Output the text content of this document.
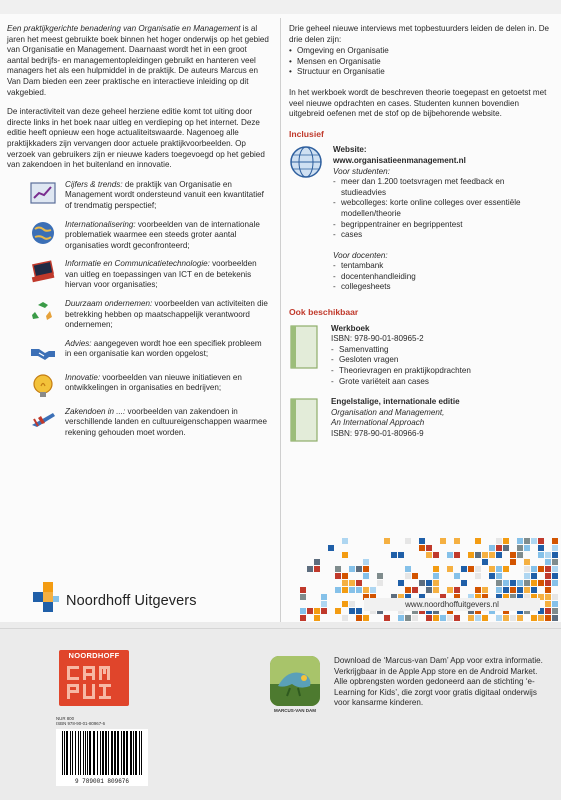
Een praktijkgerichte benadering van Organisatie en Management is al jaren het meest gebruikte boek binnen het hoger onderwijs op het gebied van Organisatie en Management. Daarnaast wordt het in een groot aantal bedrijfs- en managementopleidingen gebruikt en hanteren veel managers het als een hulpmiddel in de praktijk. De auteurs Marcus en Van Dam bieden een zeer praktische en interactieve inleiding op dit vakgebied.

De interactiviteit van deze geheel herziene editie komt tot uiting door directe links in het boek naar uitleg en verdieping op het internet. Deze editie heeft opnieuw een hoge actualiteitswaarde. Nagenoeg alle praktijkkaders zijn vervangen door actuele praktijkvoorbeelden. Op verzoek van gebruikers zijn er nieuwe kaders toegevoegd op het gebied van zakendoen in het buitenland en innovatie.

Cijfers & trends: de praktijk van Organisatie en Management wordt ondersteund vanuit een kwantitatief of trendmatig perspectief;
Internationalisering: voorbeelden van de internationale problematiek waarmee een steeds groter aantal organisaties wordt geconfronteerd;
Informatie en Communicatietechnologie: voorbeelden van uitleg en toepassingen van ICT en de betekenis hiervan voor organisaties;
Duurzaam ondernemen: voorbeelden van activiteiten die betrekking hebben op maatschappelijk verantwoord ondernemen;
Advies: aangegeven wordt hoe een specifiek probleem in een organisatie kan worden opgelost;
Innovatie: voorbeelden van nieuwe initiatieven en ontwikkelingen in organisaties en bedrijven;
Zakendoen in ...: voorbeelden van zakendoen in verschillende landen en cultuureigenschappen waarmee rekening gehouden moet worden.

Drie geheel nieuwe interviews met topbestuurders leiden de delen in. De drie delen zijn:

• Omgeving en Organisatie
• Mensen en Organisatie
• Structuur en Organisatie

In het werkboek wordt de beschreven theorie toegepast en getoetst met veel nieuwe opdrachten en cases. Studenten kunnen bovendien uitgebreid oefenen met de stof op de bijbehorende website.

Inclusief
Website:
www.organisatieenmanagement.nl
Voor studenten:
- meer dan 1.200 toetsvragen met feedback en studieadvies
- webcolleges: korte online colleges over essentiële modellen/theorie
- begrippentrainer en begrippentest
- cases
Voor docenten:
- tentambank
- docentenhandleiding
- collegesheets
Ook beschikbaar
Werkboek
ISBN: 978-90-01-80965-2
- Samenvatting
- Gesloten vragen
- Theorievragen en praktijkopdrachten
- Grote variëteit aan cases
Engelstalige, internationale editie
Organisation and Management,
An International Approach
ISBN: 978-90-01-80966-9
Noordhoff Uitgevers	www.noordhoffuitgevers.nl
NOORDHOFF
MARCUS-VAN DAM
Download de ‘Marcus-van Dam’ App voor extra informatie. Verkrijgbaar in de Apple App store en de Android Market. Alle opbrengsten worden gedoneerd aan de stichting ‘e-Learning for Kids’, die zorgt voor gratis digitaal onderwijs voor kansarme kinderen.
NUR 800
ISBN 978-90-01-80967-6
9 789001 809676
